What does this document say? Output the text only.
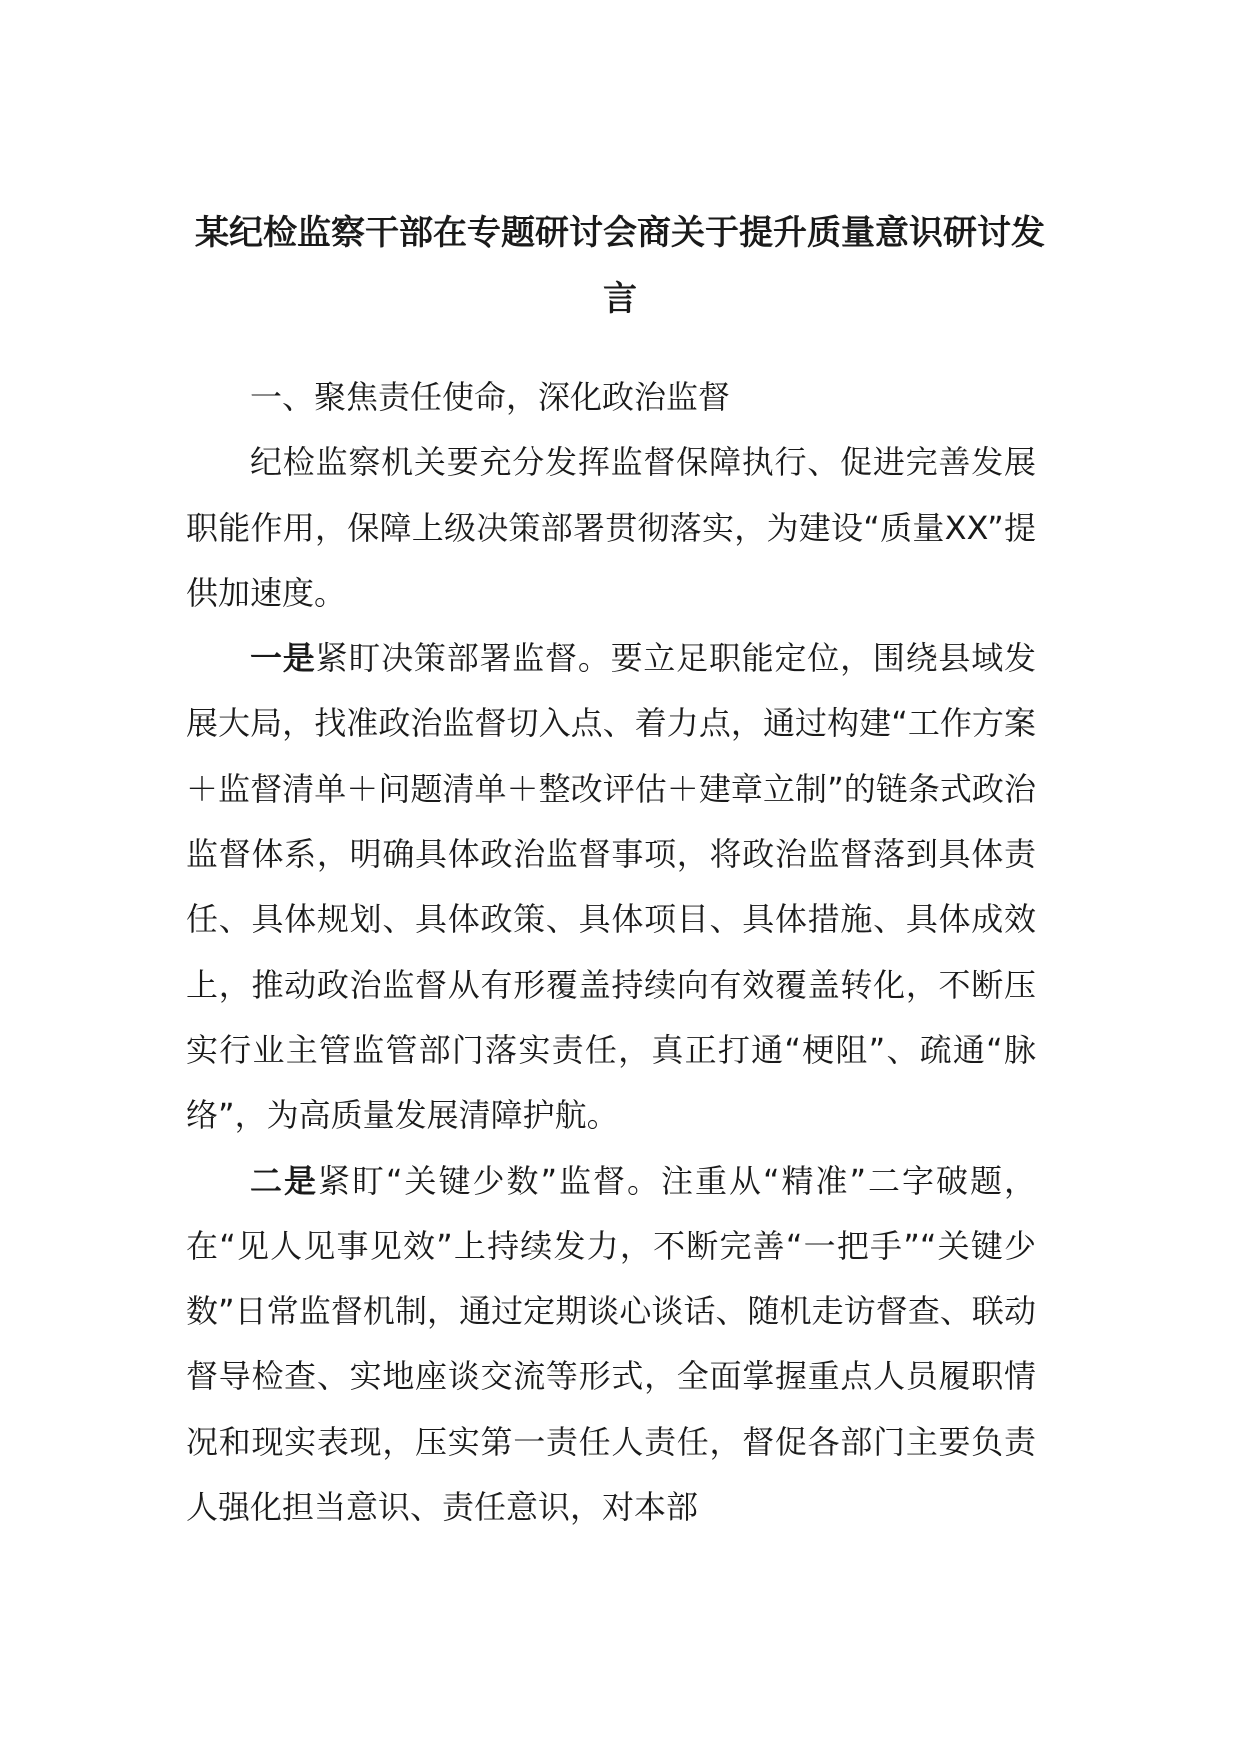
某纪检监察干部在专题研讨会商关于提升质量意识研讨发言

一、聚焦责任使命，深化政治监督

纪检监察机关要充分发挥监督保障执行、促进完善发展职能作用，保障上级决策部署贯彻落实，为建设“质量XX”提供加速度。

一是紧盯决策部署监督。要立足职能定位，围绕县域发展大局，找准政治监督切入点、着力点，通过构建“工作方案＋监督清单＋问题清单＋整改评估＋建章立制”的链条式政治监督体系，明确具体政治监督事项，将政治监督落到具体责任、具体规划、具体政策、具体项目、具体措施、具体成效上，推动政治监督从有形覆盖持续向有效覆盖转化，不断压实行业主管监管部门落实责任，真正打通“梗阻”、疏通“脉络”，为高质量发展清障护航。

二是紧盯“关键少数”监督。注重从“精准”二字破题，在“见人见事见效”上持续发力，不断完善“一把手”“关键少数”日常监督机制，通过定期谈心谈话、随机走访督查、联动督导检查、实地座谈交流等形式，全面掌握重点人员履职情况和现实表现，压实第一责任人责任，督促各部门主要负责人强化担当意识、责任意识，对本部
